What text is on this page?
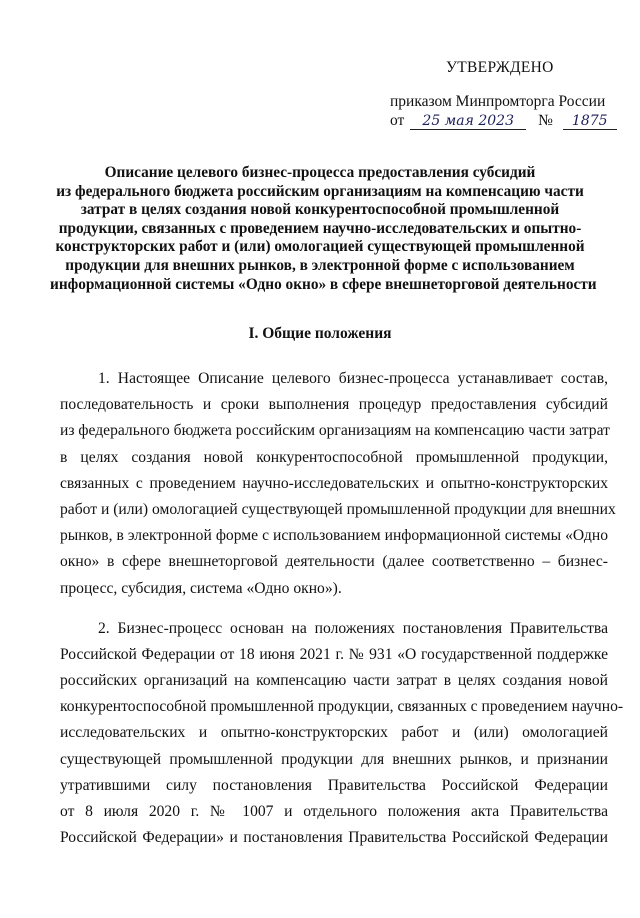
УТВЕРЖДЕНО
приказом Минпромторга России
от 25 мая 2023 № 1875
Описание целевого бизнес-процесса предоставления субсидий
из федерального бюджета российским организациям на компенсацию части
затрат в целях создания новой конкурентоспособной промышленной
продукции, связанных с проведением научно-исследовательских и опытно-
конструкторских работ и (или) омологацией существующей промышленной
продукции для внешних рынков, в электронной форме с использованием
информационной системы «Одно окно» в сфере внешнеторговой деятельности
I. Общие положения
1. Настоящее Описание целевого бизнес-процесса устанавливает состав,
последовательность и сроки выполнения процедур предоставления субсидий
из федерального бюджета российским организациям на компенсацию части затрат
в целях создания новой конкурентоспособной промышленной продукции,
связанных с проведением научно-исследовательских и опытно-конструкторских
работ и (или) омологацией существующей промышленной продукции для внешних
рынков, в электронной форме с использованием информационной системы «Одно
окно» в сфере внешнеторговой деятельности (далее соответственно – бизнес-
процесс, субсидия, система «Одно окно»).
2. Бизнес-процесс основан на положениях постановления Правительства
Российской Федерации от 18 июня 2021 г. № 931 «О государственной поддержке
российских организаций на компенсацию части затрат в целях создания новой
конкурентоспособной промышленной продукции, связанных с проведением научно-
исследовательских и опытно-конструкторских работ и (или) омологацией
существующей промышленной продукции для внешних рынков, и признании
утратившими силу постановления Правительства Российской Федерации
от 8 июля 2020 г. № 1007 и отдельного положения акта Правительства
Российской Федерации» и постановления Правительства Российской Федерации
